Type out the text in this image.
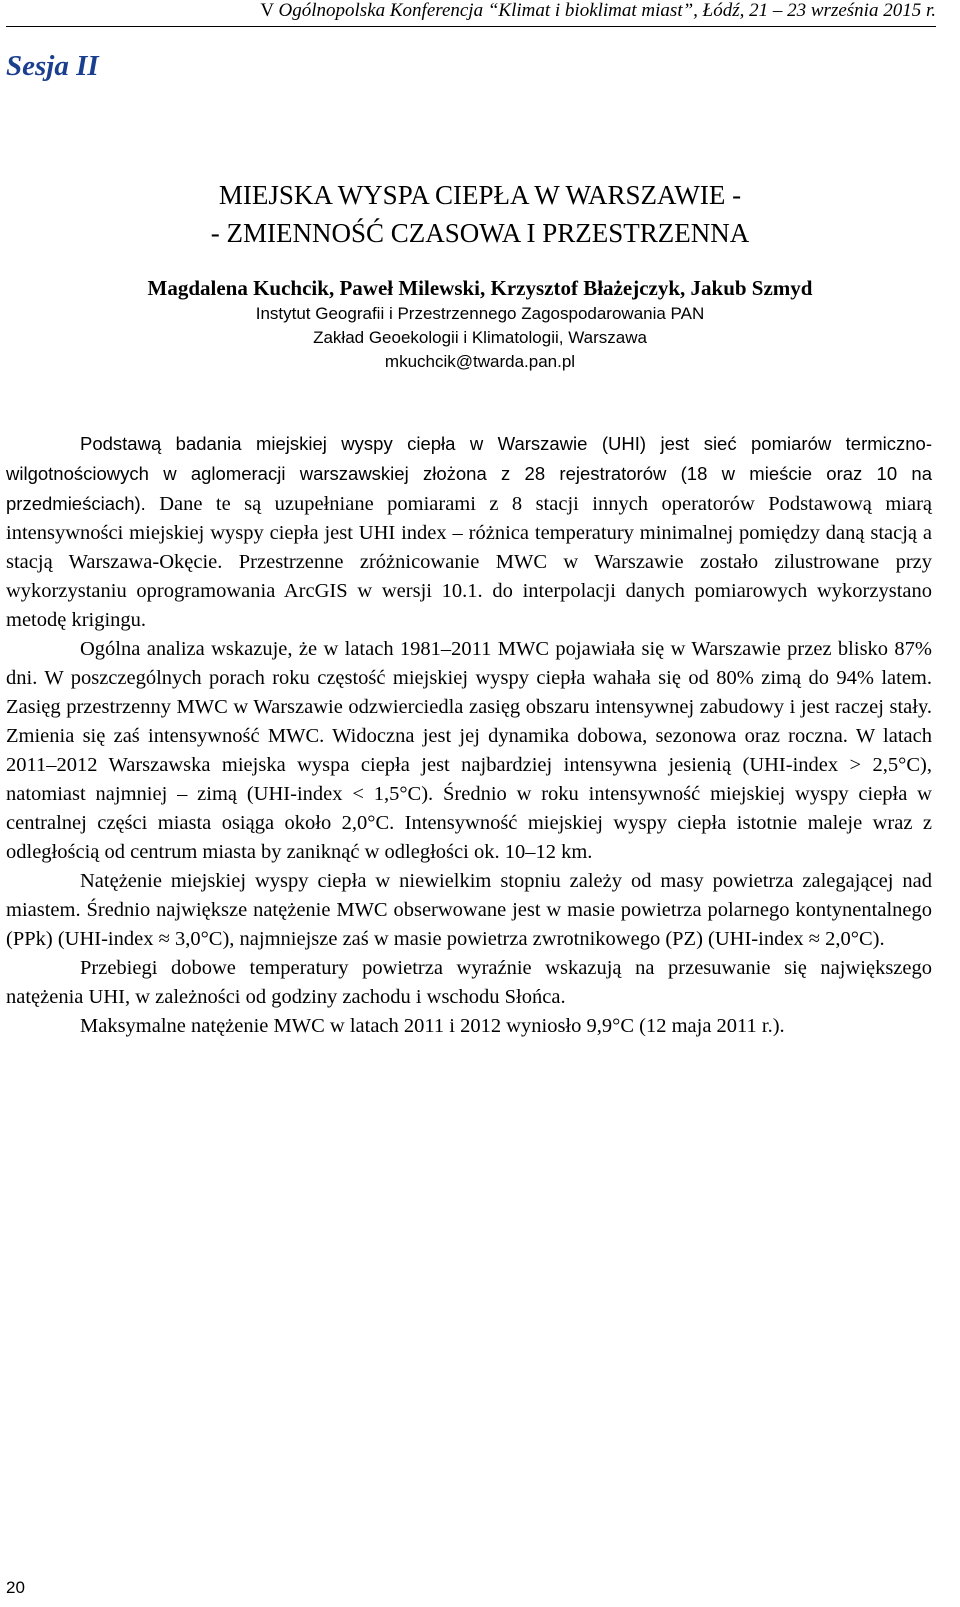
V Ogólnopolska Konferencja “Klimat i bioklimat miast”, Łódź, 21 – 23 września 2015 r.
Sesja II
MIEJSKA WYSPA CIEPŁA W WARSZAWIE -
- ZMIENNOŚĆ CZASOWA I PRZESTRZENNA
Magdalena Kuchcik, Paweł Milewski, Krzysztof Błażejczyk, Jakub Szmyd
Instytut Geografii i Przestrzennego Zagospodarowania PAN
Zakład Geoekologii i Klimatologii, Warszawa
mkuchcik@twarda.pan.pl

Podstawą badania miejskiej wyspy ciepła w Warszawie (UHI) jest sieć pomiarów termiczno-wilgotnościowych w aglomeracji warszawskiej złożona z 28 rejestratorów (18 w mieście oraz 10 na przedmieściach). Dane te są uzupełniane pomiarami z 8 stacji innych operatorów Podstawową miarą intensywności miejskiej wyspy ciepła jest UHI index – różnica temperatury minimalnej pomiędzy daną stacją a stacją Warszawa-Okęcie. Przestrzenne zróżnicowanie MWC w Warszawie zostało zilustrowane przy wykorzystaniu oprogramowania ArcGIS w wersji 10.1. do interpolacji danych pomiarowych wykorzystano metodę krigingu.

Ogólna analiza wskazuje, że w latach 1981–2011 MWC pojawiała się w Warszawie przez blisko 87% dni. W poszczególnych porach roku częstość miejskiej wyspy ciepła wahała się od 80% zimą do 94% latem. Zasięg przestrzenny MWC w Warszawie odzwierciedla zasięg obszaru intensywnej zabudowy i jest raczej stały. Zmienia się zaś intensywność MWC. Widoczna jest jej dynamika dobowa, sezonowa oraz roczna. W latach 2011–2012 Warszawska miejska wyspa ciepła jest najbardziej intensywna jesienią (UHI-index > 2,5°C), natomiast najmniej – zimą (UHI-index < 1,5°C). Średnio w roku intensywność miejskiej wyspy ciepła w centralnej części miasta osiąga około 2,0°C. Intensywność miejskiej wyspy ciepła istotnie maleje wraz z odległością od centrum miasta by zaniknąć w odległości ok. 10–12 km.

Natężenie miejskiej wyspy ciepła w niewielkim stopniu zależy od masy powietrza zalegającej nad miastem. Średnio największe natężenie MWC obserwowane jest w masie powietrza polarnego kontynentalnego (PPk) (UHI-index ≈ 3,0°C), najmniejsze zaś w masie powietrza zwrotnikowego (PZ) (UHI-index ≈ 2,0°C).

Przebiegi dobowe temperatury powietrza wyraźnie wskazują na przesuwanie się największego natężenia UHI, w zależności od godziny zachodu i wschodu Słońca.

Maksymalne natężenie MWC w latach 2011 i 2012 wyniosło 9,9°C (12 maja 2011 r.).

20
